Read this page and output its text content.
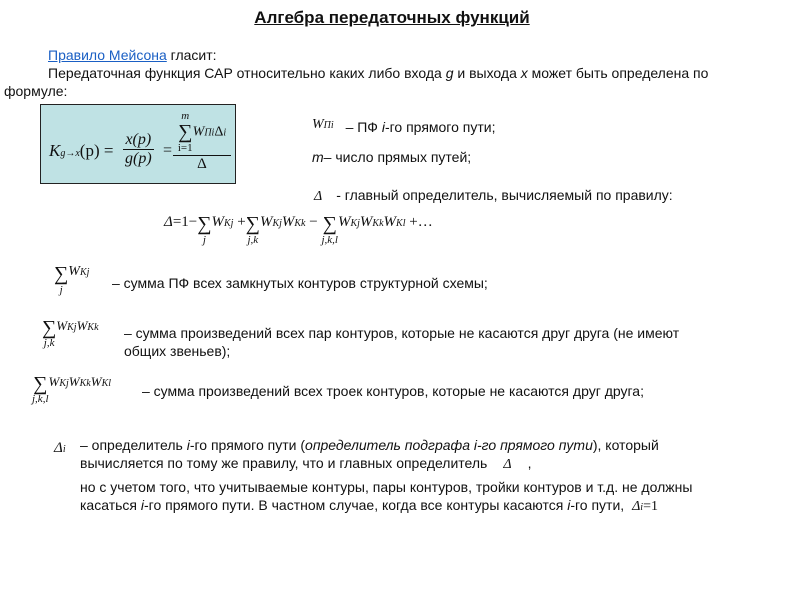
Алгебра передаточных функций
Правило Мейсона гласит:
Передаточная функция САР относительно каких либо входа g и выхода x может быть определена по
формуле:
$Kg\to x(p) = \frac{x(p)}{g(p)}$ =
m
∑
i=1
WПiΔi
Δ
$W^{Пi}$ – ПФ i-го прямого пути;
m– число прямых путей;
Δ - главный определитель, вычисляемый по правилу:
Δ=1−∑
j
WKj +∑
j,k
WKjWKk − ∑
j,k,l
WKjWKkWKl +…
∑
j
WKj
– сумма ПФ всех замкнутых контуров структурной схемы;
∑
j,k
WKjWKk – сумма произведений всех пар контуров, которые не касаются друг друга (не имеют
общих звеньев);
∑
j,k,l
WKjWKkWKl – сумма произведений всех троек контуров, которые не касаются друг друга;
Δi – определитель i-го прямого пути (определитель подграфа i-го прямого пути), который
вычисляется по тому же правилу, что и главных определитель Δ ,
но с учетом того, что учитываемые контуры, пары контуров, тройки контуров и т.д. не должны
касаться i-го прямого пути. В частном случае, когда все контуры касаются i-го пути, Δi=1
